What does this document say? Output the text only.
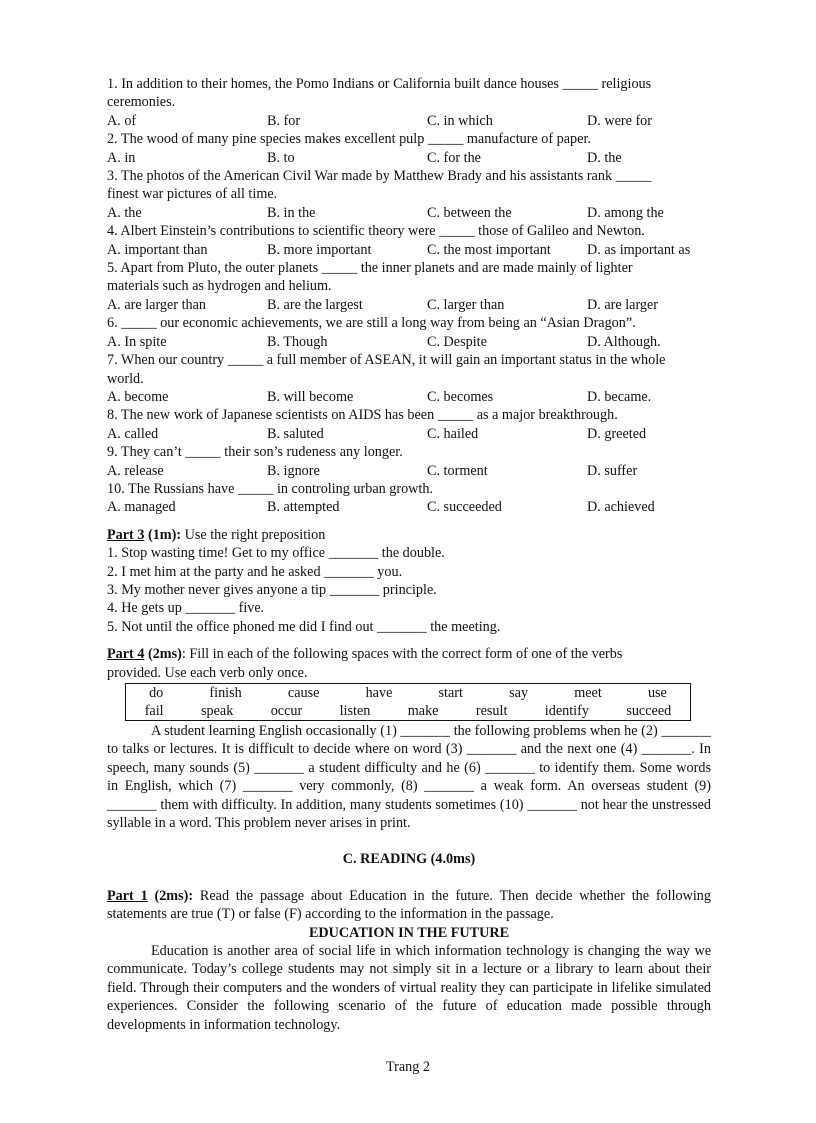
1. In addition to their homes, the Pomo Indians or California built dance houses _____ religious
ceremonies.
A. of	B. for	C. in which	D. were for
2. The wood of many pine species makes excellent pulp _____ manufacture of paper.
A. in	B. to	C. for the	D. the
3. The photos of the American Civil War made by Matthew Brady and his assistants rank _____
finest war pictures of all time.
A. the	B. in the	C. between the	D. among the
4. Albert Einstein’s contributions to scientific theory were _____ those of Galileo and Newton.
A. important than	B. more important	C. the most important	D. as important as
5. Apart from Pluto, the outer planets _____ the inner planets and are made mainly of lighter
materials such as hydrogen and helium.
A. are larger than	B. are the largest	C. larger than	D. are larger
6. _____ our economic achievements, we are still a long way from being an “Asian Dragon”.
A. In spite	B. Though	C. Despite	D. Although.
7. When our country _____ a full member of ASEAN, it will gain an important status in the whole
world.
A. become	B. will become	C. becomes	D. became.
8. The new work of Japanese scientists on AIDS has been _____ as a major breakthrough.
A. called	B. saluted	C. hailed	D. greeted
9. They can’t _____ their son’s rudeness any longer.
A. release	B. ignore	C. torment	D. suffer
10. The Russians have _____ in controling urban growth.
A. managed	B. attempted	C. succeeded	D. achieved
Part 3 (1m): Use the right preposition
1. Stop wasting time! Get to my office _______ the double.
2. I met him at the party and he asked _______ you.
3. My mother never gives anyone a tip _______ principle.
4. He gets up _______ five.
5. Not until the office phoned me did I find out _______ the meeting.
Part 4 (2ms): Fill in each of the following spaces with the correct form of one of the verbs
provided. Use each verb only once.
do	finish	cause	have	start	say	meet	use
fail	speak	occur	listen	make	result	identify	succeed
A student learning English occasionally (1) _______ the following problems when he (2) _______ to talks or lectures. It is difficult to decide where on word (3) _______ and the next one (4) _______. In speech, many sounds (5) _______ a student difficulty and he (6) _______ to identify them. Some words in English, which (7) _______ very commonly, (8) _______ a weak form. An overseas student (9) _______ them with difficulty. In addition, many students sometimes (10) _______ not hear the unstressed syllable in a word. This problem never arises in print.
C. READING (4.0ms)
Part 1 (2ms): Read the passage about Education in the future. Then decide whether the following statements are true (T) or false (F) according to the information in the passage.
EDUCATION IN THE FUTURE
Education is another area of social life in which information technology is changing the way we communicate. Today’s college students may not simply sit in a lecture or a library to learn about their field. Through their computers and the wonders of virtual reality they can participate in lifelike simulated experiences. Consider the following scenario of the future of education made possible through developments in information technology.
Trang 2
